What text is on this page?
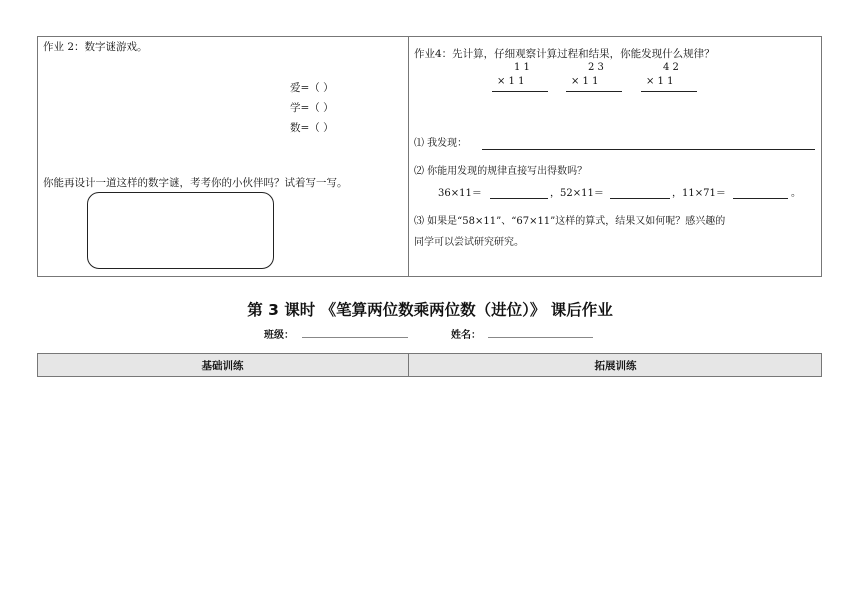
作业 2：数字谜游戏。
爱=（ ）
学=（ ）
数=（ ）
你能再设计一道这样的数字谜，考考你的小伙伴吗？试着写一写。
作业4：先计算，仔细观察计算过程和结果，你能发现什么规律？
1 1
× 1 1
2 3
× 1 1
4 2
× 1 1
⑴ 我发现：
⑵ 你能用发现的规律直接写出得数吗？
36×11＝	，52×11＝	，11×71＝	。
⑶ 如果是“58×11”、“67×11”这样的算式，结果又如何呢？感兴趣的
同学可以尝试研究研究。
第 3 课时 《笔算两位数乘两位数（进位）》 课后作业
班级：	姓名：
基础训练	拓展训练
